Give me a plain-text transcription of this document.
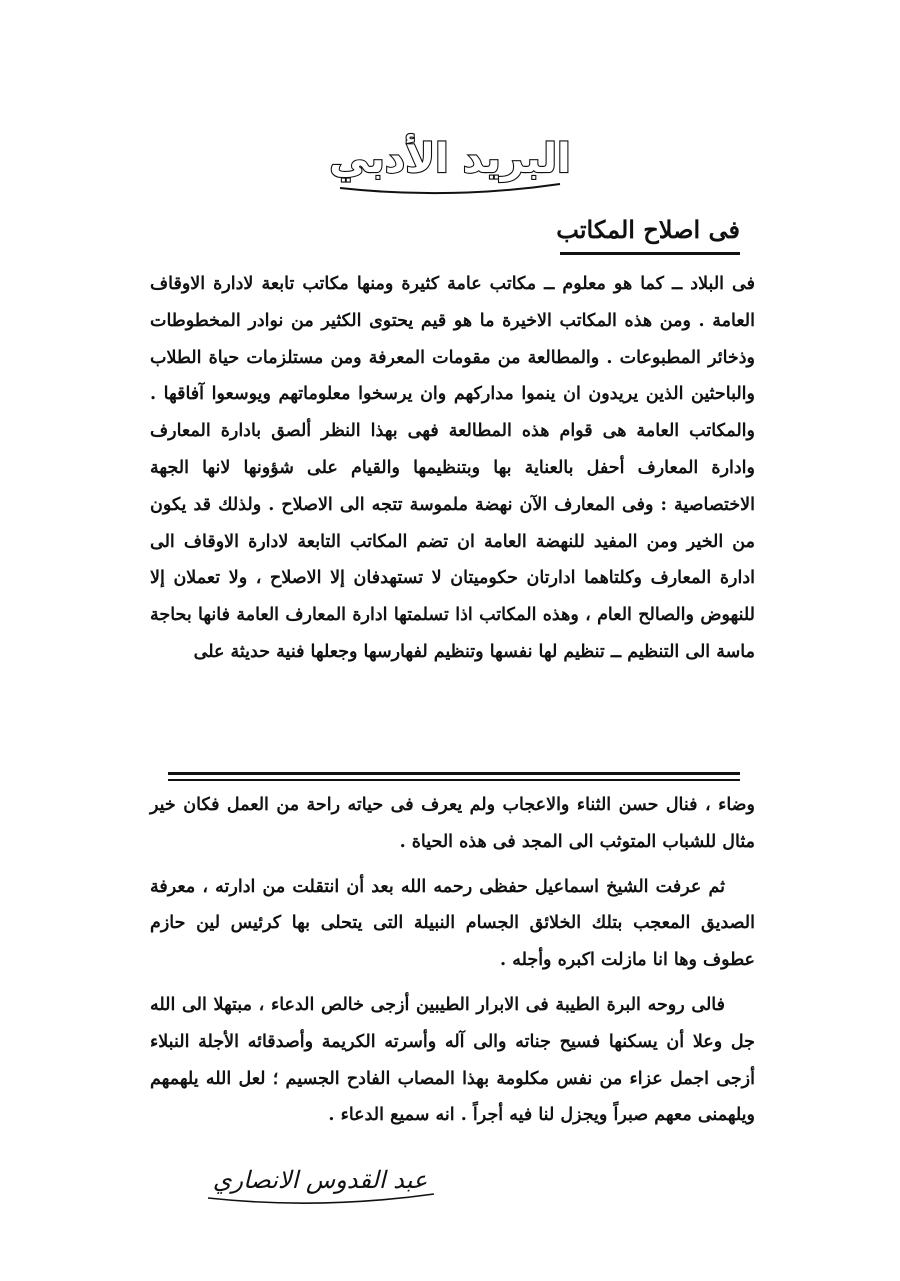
البريد الأدبي
فى اصلاح المكاتب

فى البلاد ــ كما هو معلوم ــ مكاتب عامة كثيرة ومنها مكاتب تابعة لادارة الاوقاف العامة . ومن هذه المكاتب الاخيرة ما هو قيم يحتوى الكثير من نوادر المخطوطات وذخائر المطبوعات . والمطالعة من مقومات المعرفة ومن مستلزمات حياة الطلاب والباحثين الذين يريدون ان ينموا مداركهم وان يرسخوا معلوماتهم ويوسعوا آفاقها . والمكاتب العامة هى قوام هذه المطالعة فهى بهذا النظر ألصق بادارة المعارف وادارة المعارف أحفل بالعناية بها وبتنظيمها والقيام على شؤونها لانها الجهة الاختصاصية : وفى المعارف الآن نهضة ملموسة تتجه الى الاصلاح . ولذلك قد يكون من الخير ومن المفيد للنهضة العامة ان تضم المكاتب التابعة لادارة الاوقاف الى ادارة المعارف وكلتاهما ادارتان حكوميتان لا تستهدفان إلا الاصلاح ، ولا تعملان إلا للنهوض والصالح العام ، وهذه المكاتب اذا تسلمتها ادارة المعارف العامة فانها بحاجة ماسة الى التنظيم ــ تنظيم لها نفسها وتنظيم لفهارسها وجعلها فنية حديثة على

وضاء ، فنال حسن الثناء والاعجاب ولم يعرف فى حياته راحة من العمل فكان خير مثال للشباب المتوثب الى المجد فى هذه الحياة .

ثم عرفت الشيخ اسماعيل حفظى رحمه الله بعد أن انتقلت من ادارته ، معرفة الصديق المعجب بتلك الخلائق الجسام النبيلة التى يتحلى بها كرئيس لين حازم عطوف وها انا مازلت اكبره وأجله .

فالى روحه البرة الطيبة فى الابرار الطيبين أزجى خالص الدعاء ، مبتهلا الى الله جل وعلا أن يسكنها فسيح جناته والى آله وأسرته الكريمة وأصدقائه الأجلة النبلاء أزجى اجمل عزاء من نفس مكلومة بهذا المصاب الفادح الجسيم ؛ لعل الله يلهمهم ويلهمنى معهم صبراً ويجزل لنا فيه أجراً . انه سميع الدعاء .

عبد القدوس الانصاري
